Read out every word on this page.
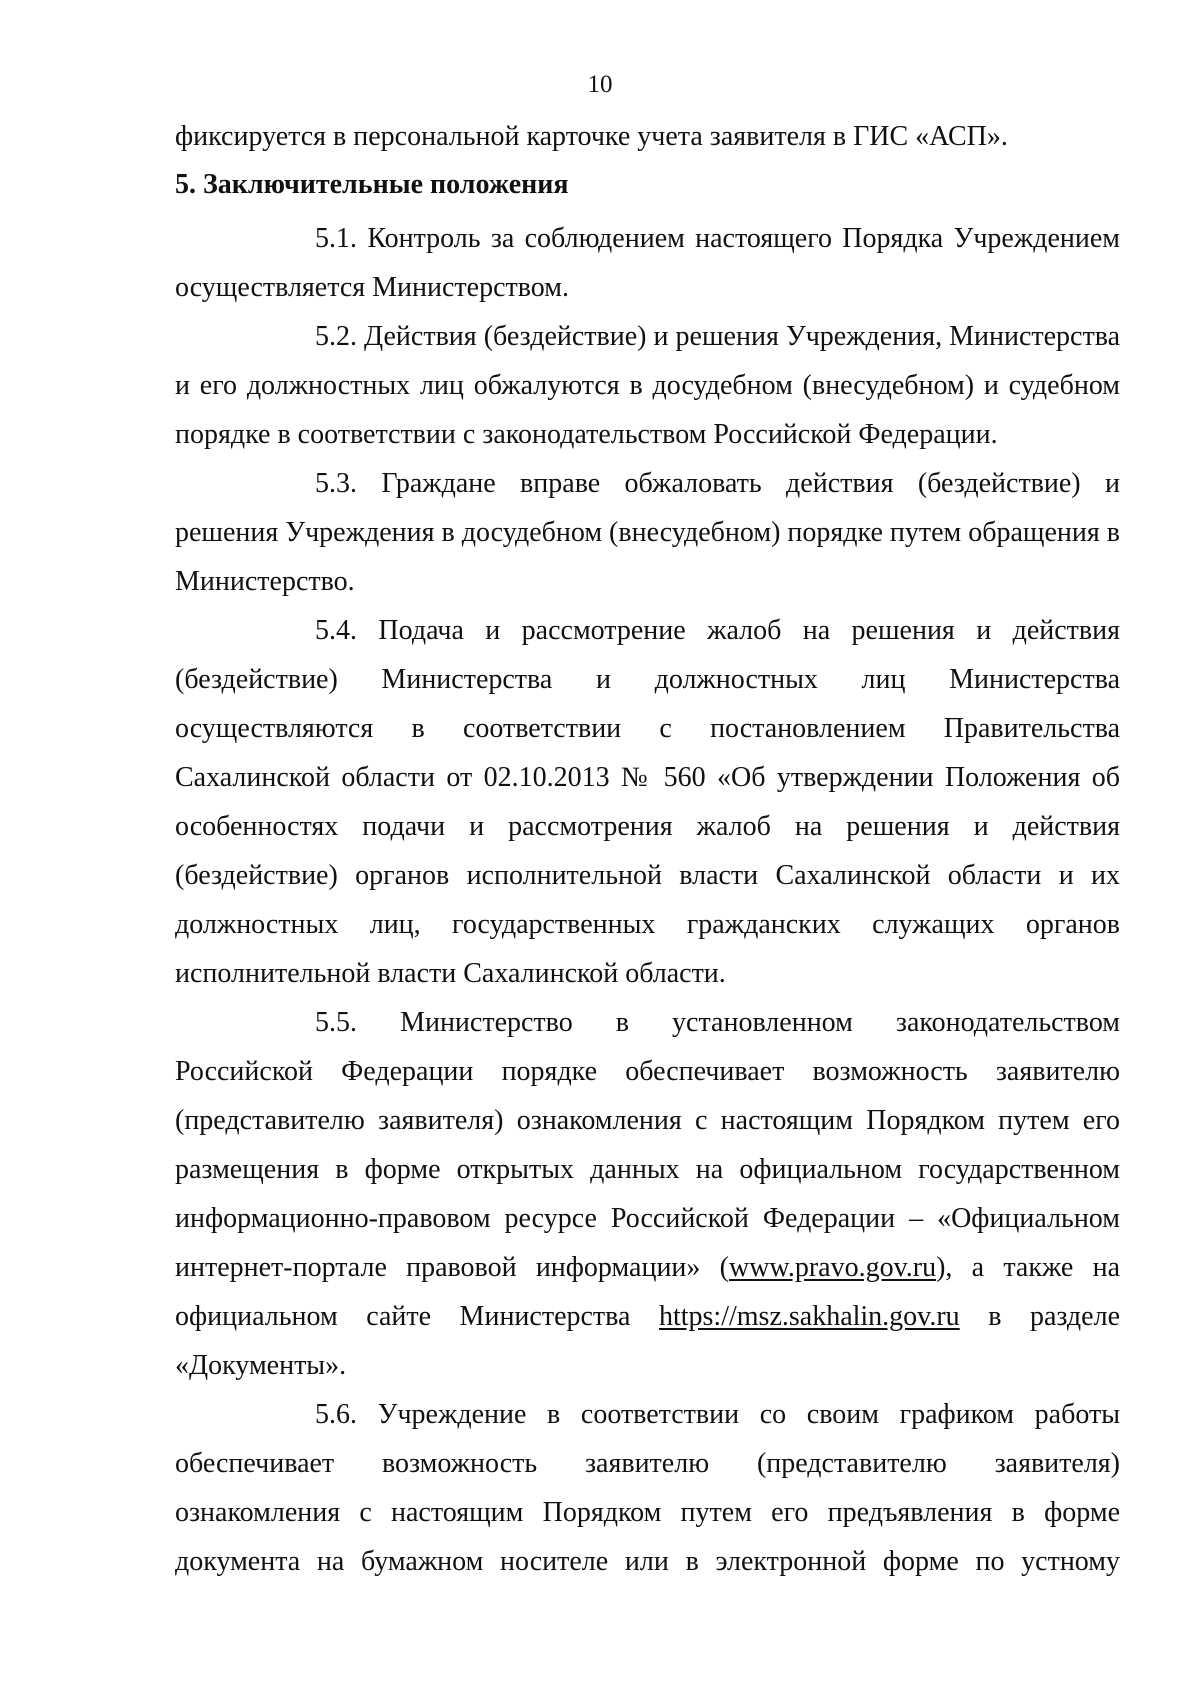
10

фиксируется в персональной карточке учета заявителя в ГИС «АСП».

5. Заключительные положения

5.1. Контроль за соблюдением настоящего Порядка Учреждением осуществляется Министерством.

5.2. Действия (бездействие) и решения Учреждения, Министерства и его должностных лиц обжалуются в досудебном (внесудебном) и судебном порядке в соответствии с законодательством Российской Федерации.

5.3. Граждане вправе обжаловать действия (бездействие) и решения Учреждения в досудебном (внесудебном) порядке путем обращения в Министерство.

5.4. Подача и рассмотрение жалоб на решения и действия (бездействие) Министерства и должностных лиц Министерства осуществляются в соответствии с постановлением Правительства Сахалинской области от 02.10.2013 № 560 «Об утверждении Положения об особенностях подачи и рассмотрения жалоб на решения и действия (бездействие) органов исполнительной власти Сахалинской области и их должностных лиц, государственных гражданских служащих органов исполнительной власти Сахалинской области.

5.5. Министерство в установленном законодательством Российской Федерации порядке обеспечивает возможность заявителю (представителю заявителя) ознакомления с настоящим Порядком путем его размещения в форме открытых данных на официальном государственном информационно-правовом ресурсе Российской Федерации – «Официальном интернет-портале правовой информации» (www.pravo.gov.ru), а также на официальном сайте Министерства https://msz.sakhalin.gov.ru в разделе «Документы».

5.6. Учреждение в соответствии со своим графиком работы обеспечивает возможность заявителю (представителю заявителя) ознакомления с настоящим Порядком путем его предъявления в форме документа на бумажном носителе или в электронной форме по устному
